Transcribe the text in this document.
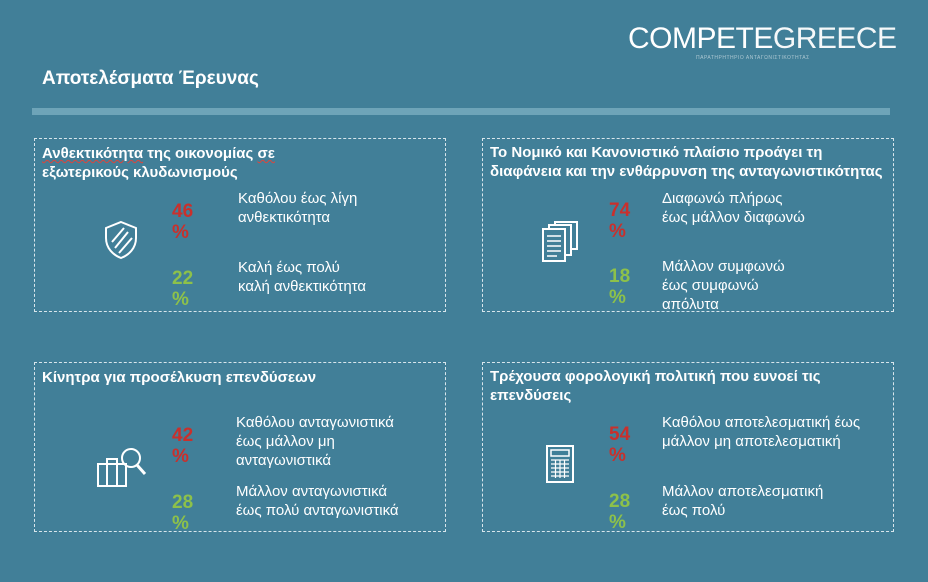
COMPETEGREECE
ΠΑΡΑΤΗΡΗΤΗΡΙΟ ΑΝΤΑΓΩΝΙΣΤΙΚΟΤΗΤΑΣ
Αποτελέσματα Έρευνας
Ανθεκτικότητα της οικονομίας σε
εξωτερικούς κλυδωνισμούς
46 %
Καθόλου έως λίγη ανθεκτικότητα
22 %
Καλή έως πολύ καλή ανθεκτικότητα
Το Νομικό και Κανονιστικό πλαίσιο προάγει τη διαφάνεια και την ενθάρρυνση της ανταγωνιστικότητας
74 %
Διαφωνώ πλήρως έως μάλλον διαφωνώ
18 %
Μάλλον συμφωνώ έως συμφωνώ απόλυτα
Κίνητρα για προσέλκυση επενδύσεων
42 %
Καθόλου ανταγωνιστικά έως μάλλον μη ανταγωνιστικά
28 %
Μάλλον ανταγωνιστικά έως πολύ ανταγωνιστικά
Τρέχουσα φορολογική πολιτική που ευνοεί τις επενδύσεις
54 %
Καθόλου αποτελεσματική έως μάλλον μη αποτελεσματική
28 %
Μάλλον αποτελεσματική έως πολύ
